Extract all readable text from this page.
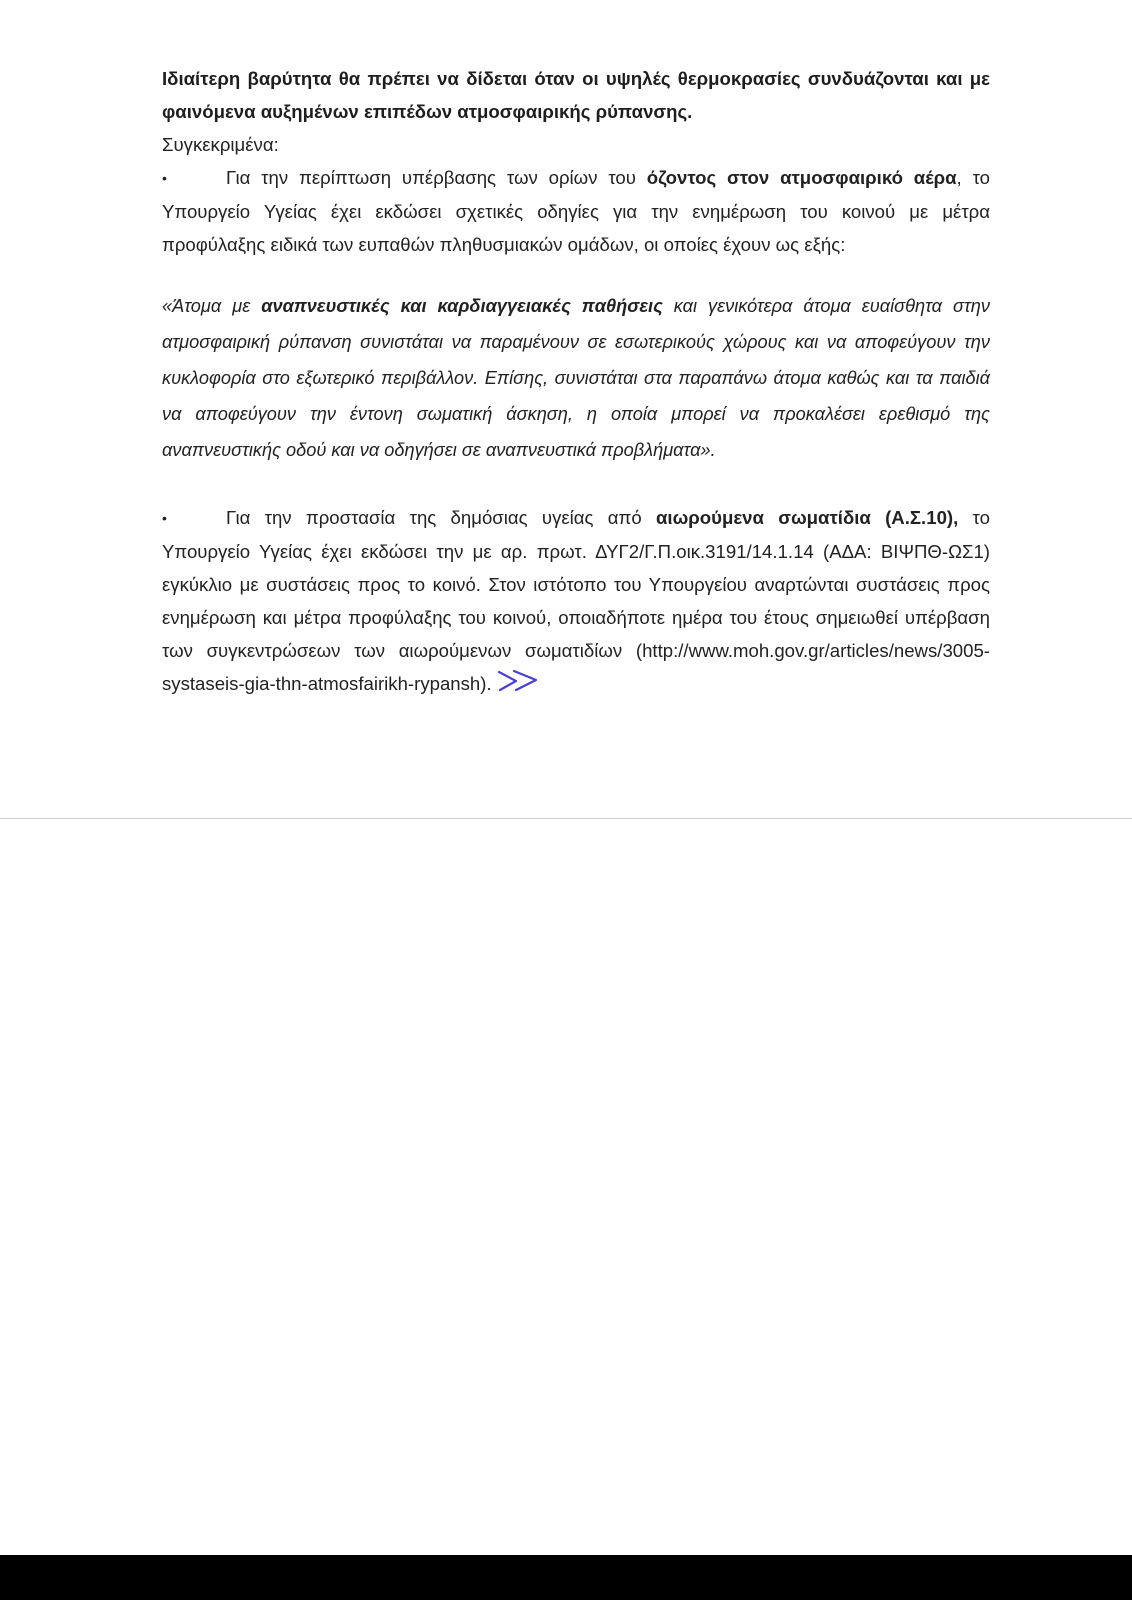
Ιδιαίτερη βαρύτητα θα πρέπει να δίδεται όταν οι υψηλές θερμοκρασίες συνδυάζονται και με φαινόμενα αυξημένων επιπέδων ατμοσφαιρικής ρύπανσης.
Συγκεκριμένα:

•	Για την περίπτωση υπέρβασης των ορίων του όζοντος στον ατμοσφαιρικό αέρα, το Υπουργείο Υγείας έχει εκδώσει σχετικές οδηγίες για την ενημέρωση του κοινού με μέτρα προφύλαξης ειδικά των ευπαθών πληθυσμιακών ομάδων, οι οποίες έχουν ως εξής:

«Άτομα με αναπνευστικές και καρδιαγγειακές παθήσεις και γενικότερα άτομα ευαίσθητα στην ατμοσφαιρική ρύπανση συνιστάται να παραμένουν σε εσωτερικούς χώρους και να αποφεύγουν την κυκλοφορία στο εξωτερικό περιβάλλον. Επίσης, συνιστάται στα παραπάνω άτομα καθώς και τα παιδιά να αποφεύγουν την έντονη σωματική άσκηση, η οποία μπορεί να προκαλέσει ερεθισμό της αναπνευστικής οδού και να οδηγήσει σε αναπνευστικά προβλήματα».

•	Για την προστασία της δημόσιας υγείας από αιωρούμενα σωματίδια (Α.Σ.10), το Υπουργείο Υγείας έχει εκδώσει την με αρ. πρωτ. ΔΥΓ2/Γ.Π.οικ.3191/14.1.14 (ΑΔΑ: ΒΙΨΠΘ-ΩΣ1) εγκύκλιο με συστάσεις προς το κοινό. Στον ιστότοπο του Υπουργείου αναρτώνται συστάσεις προς ενημέρωση και μέτρα προφύλαξης του κοινού, οποιαδήποτε ημέρα του έτους σημειωθεί υπέρβαση των συγκεντρώσεων των αιωρούμενων σωματιδίων (http://www.moh.gov.gr/articles/news/3005-systaseis-gia-thn-atmosfairikh-rypansh).
